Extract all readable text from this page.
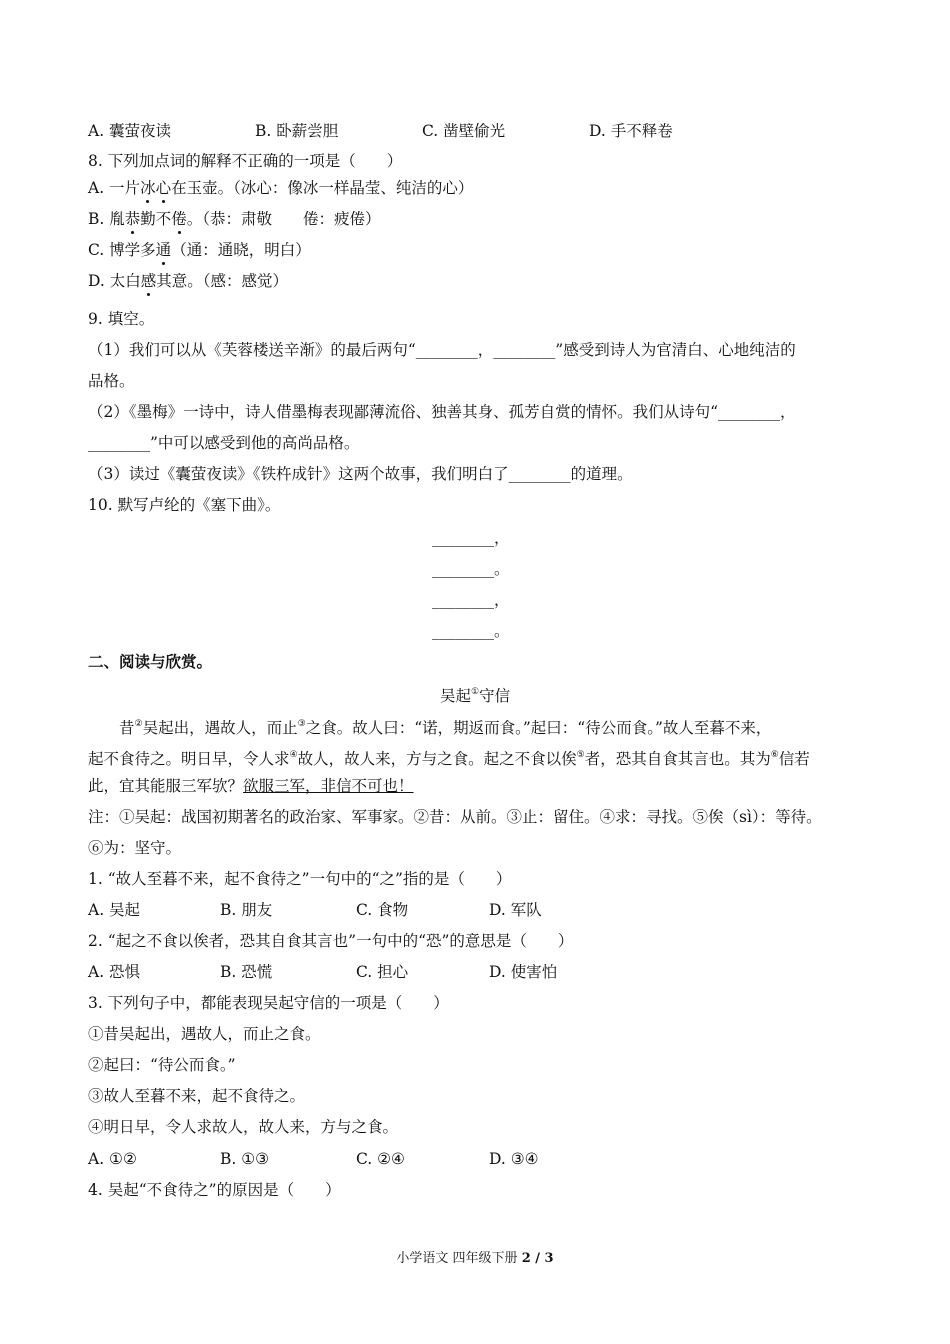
A. 囊萤夜读	B. 卧薪尝胆	C. 凿壁偷光	D. 手不释卷
8. 下列加点词的解释不正确的一项是（　　）
A. 一片冰心在玉壶。（冰心：像冰一样晶莹、纯洁的心）
B. 胤恭勤不倦。（恭：肃敬　　倦：疲倦）
C. 博学多通（通：通晓，明白）
D. 太白感其意。（感：感觉）
9. 填空。
（1）我们可以从《芙蓉楼送辛渐》的最后两句“________，________”感受到诗人为官清白、心地纯洁的
品格。
（2）《墨梅》一诗中，诗人借墨梅表现鄙薄流俗、独善其身、孤芳自赏的情怀。我们从诗句“________，
________”中可以感受到他的高尚品格。
（3）读过《囊萤夜读》《铁杵成针》这两个故事，我们明白了________的道理。
10. 默写卢纶的《塞下曲》。
________，
________。
________，
________。
二、阅读与欣赏。
吴起①守信
昔②吴起出，遇故人，而止③之食。故人曰：“诺，期返而食。”起曰：“待公而食。”故人至暮不来，
起不食待之。明日早，令人求④故人，故人来，方与之食。起之不食以俟⑤者，恐其自食其言也。其为⑥信若
此，宜其能服三军欤？欲服三军，非信不可也！
注：①吴起：战国初期著名的政治家、军事家。②昔：从前。③止：留住。④求：寻找。⑤俟（sì）：等待。
⑥为：坚守。
1. “故人至暮不来，起不食待之”一句中的“之”指的是（　　）
A. 吴起	B. 朋友	C. 食物	D. 军队
2. “起之不食以俟者，恐其自食其言也”一句中的“恐”的意思是（　　）
A. 恐惧	B. 恐慌	C. 担心	D. 使害怕
3. 下列句子中，都能表现吴起守信的一项是（　　）
①昔吴起出，遇故人，而止之食。
②起曰：“待公而食。”
③故人至暮不来，起不食待之。
④明日早，令人求故人，故人来，方与之食。
A. ①②	B. ①③	C. ②④	D. ③④
4. 吴起“不食待之”的原因是（　　）
小学语文 四年级下册 2 / 3
